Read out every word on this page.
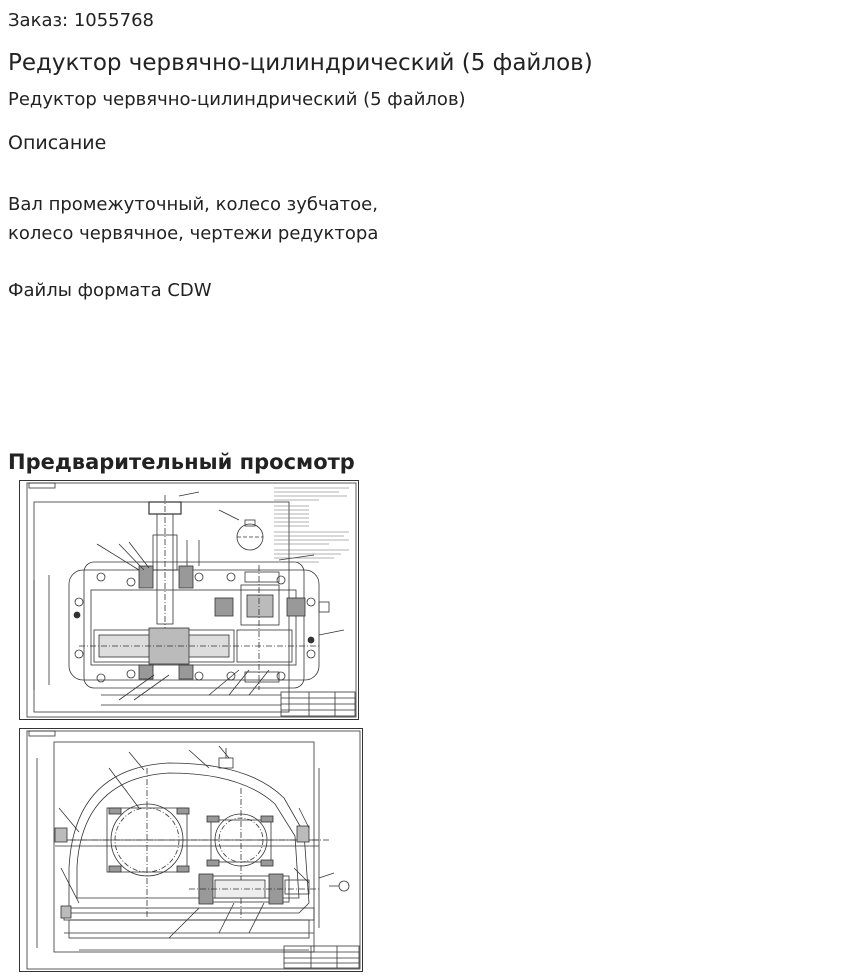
Заказ: 1055768
Редуктор червячно-цилиндрический (5 файлов)
Редуктор червячно-цилиндрический (5 файлов)
Описание
Вал промежуточный, колесо зубчатое,
колесо червячное, чертежи редуктора
Файлы формата CDW
Предварительный просмотр
